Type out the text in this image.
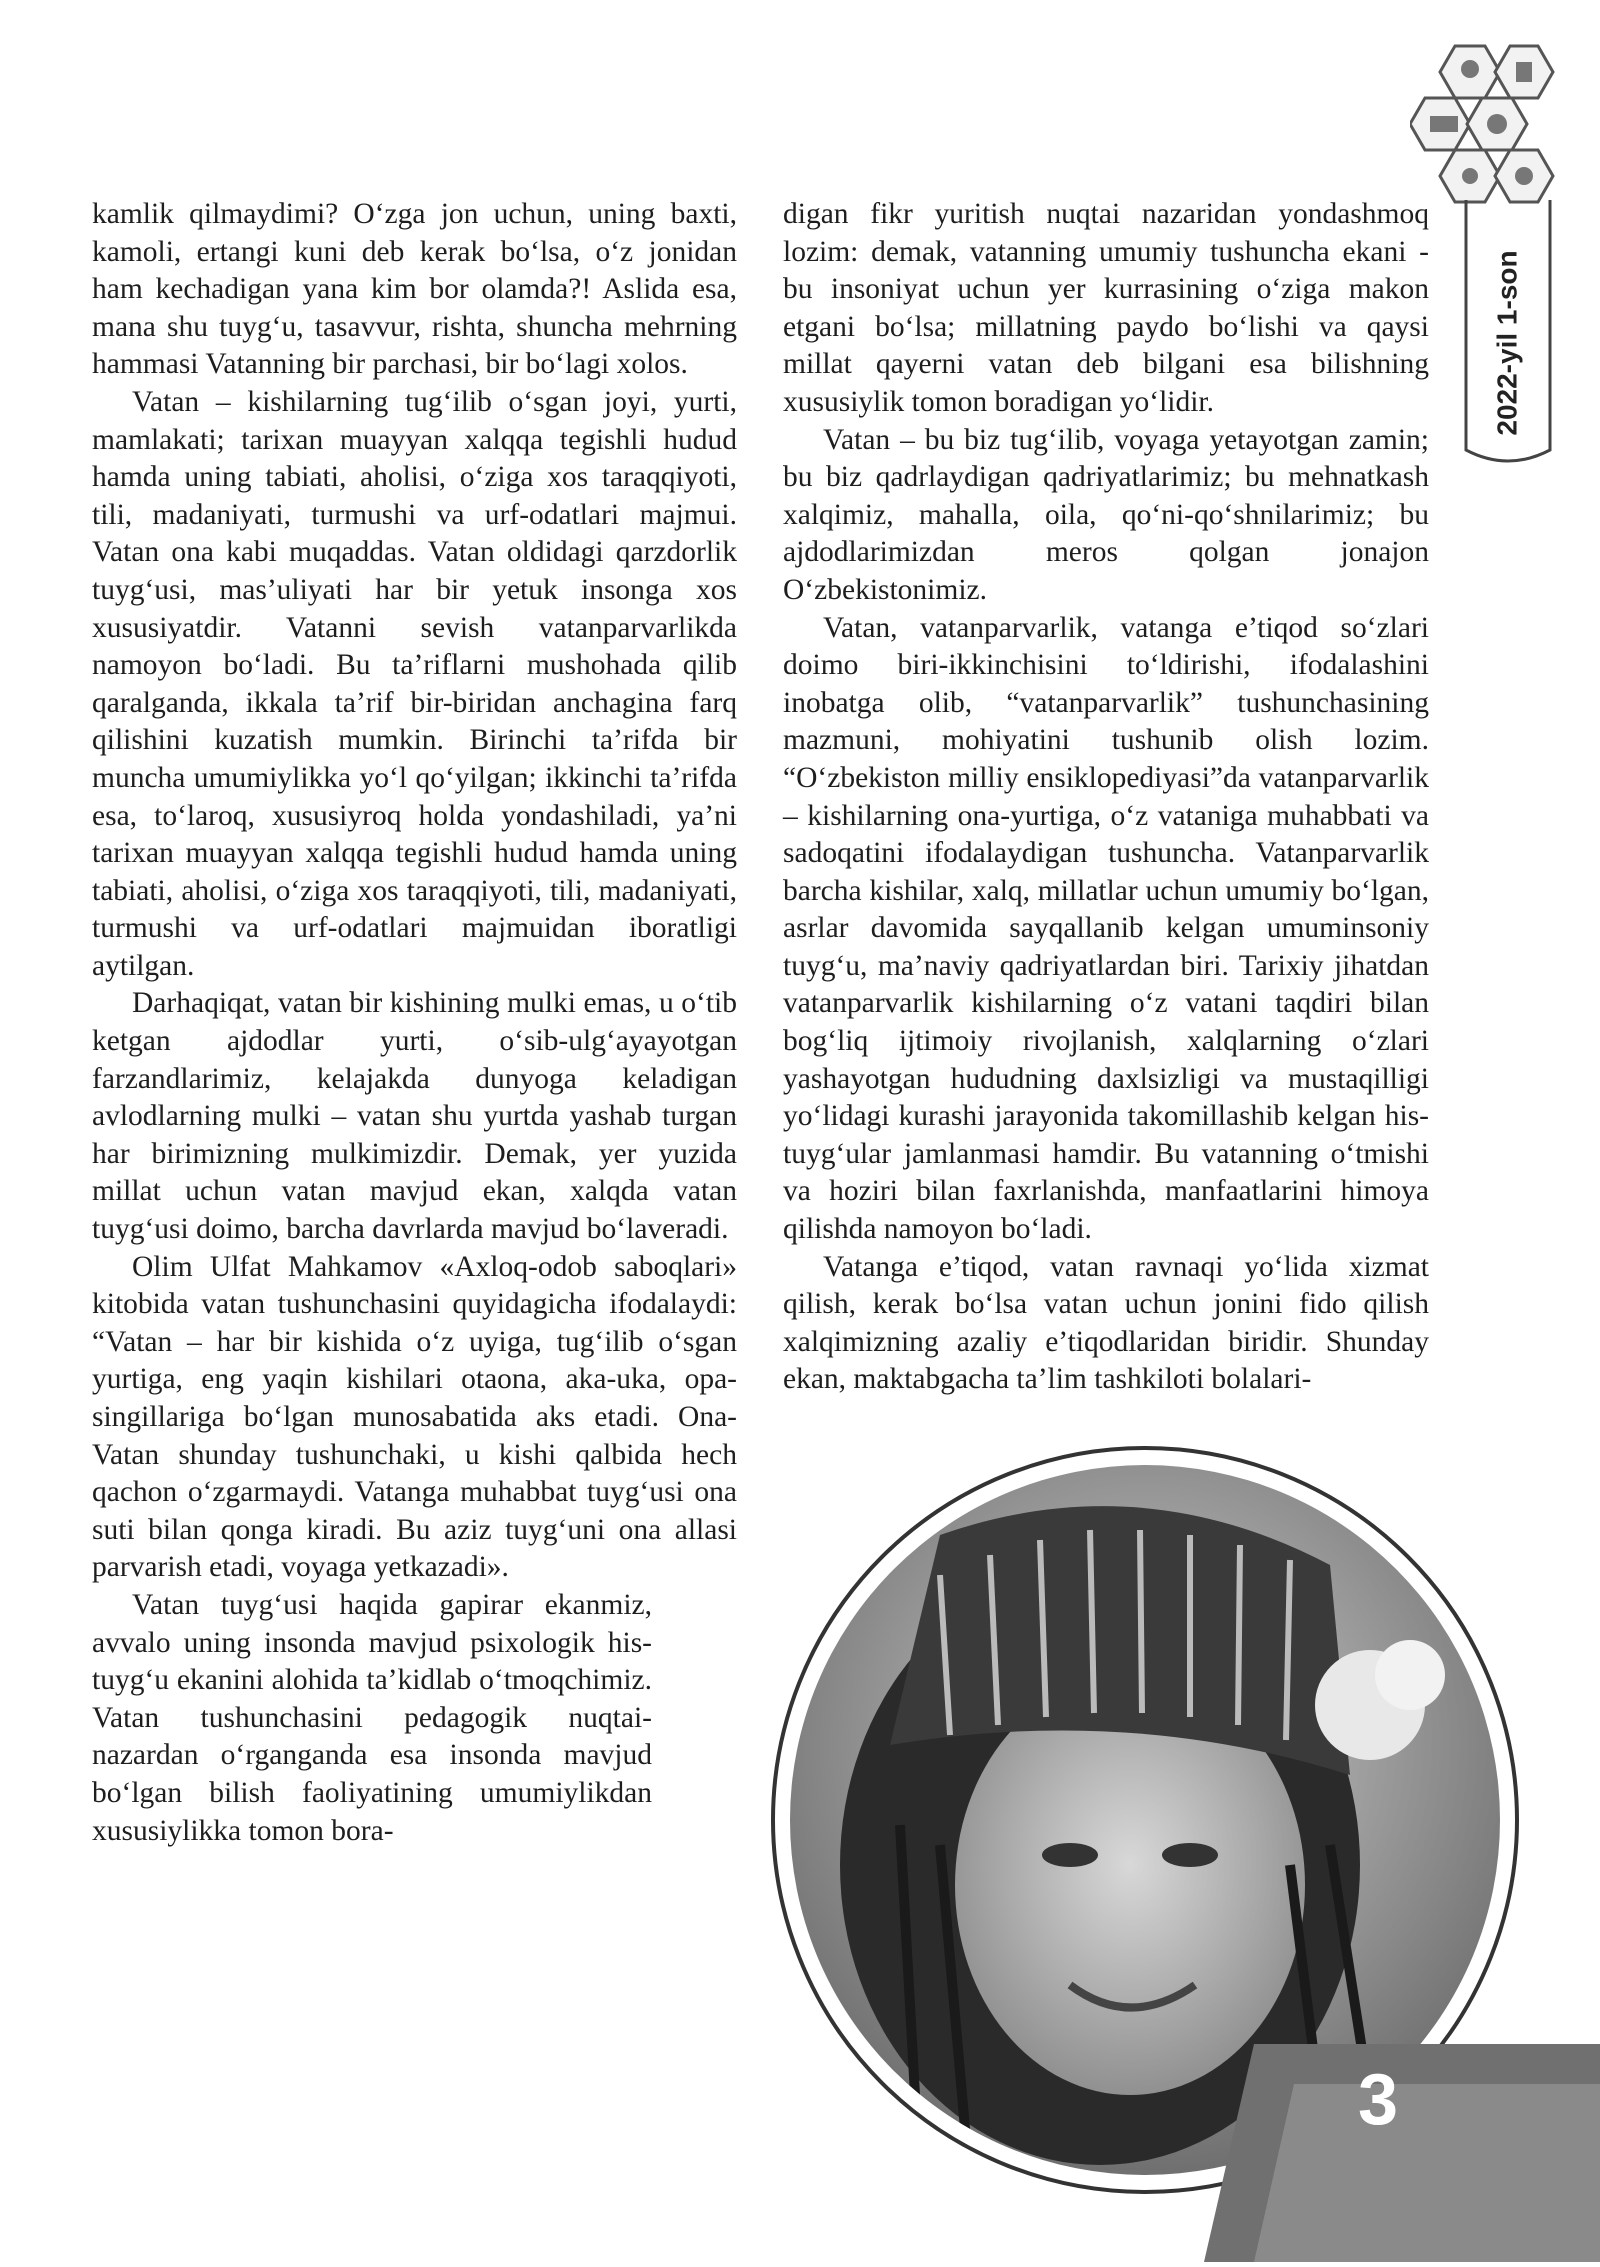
2022-yil 1-son

kamlik qilmaydimi? O‘zga jon uchun, uning baxti, kamoli, ertangi kuni deb kerak bo‘lsa, o‘z jonidan ham kechadigan yana kim bor olamda?! Aslida esa, mana shu tuyg‘u, tasavvur, rishta, shuncha mehrning hammasi Vatanning bir parchasi, bir bo‘lagi xolos.

Vatan – kishilarning tug‘ilib o‘sgan joyi, yurti, mamlakati; tarixan muayyan xalqqa tegishli hudud hamda uning tabiati, aholisi, o‘ziga xos taraqqiyoti, tili, madaniyati, turmushi va urf-odatlari majmui. Vatan ona kabi muqaddas. Vatan oldidagi qarzdorlik tuyg‘usi, mas’uliyati har bir yetuk insonga xos xususiyatdir. Vatanni sevish vatanparvarlikda namoyon bo‘ladi. Bu ta’riflarni mushohada qilib qaralganda, ikkala ta’rif bir-biridan anchagina farq qilishini kuzatish mumkin. Birinchi ta’rifda bir muncha umumiylikka yo‘l qo‘yilgan; ikkinchi ta’rifda esa, to‘laroq, xususiyroq holda yondashiladi, ya’ni tarixan muayyan xalqqa tegishli hudud hamda uning tabiati, aholisi, o‘ziga xos taraqqiyoti, tili, madaniyati, turmushi va urf-odatlari majmuidan iboratligi aytilgan.

Darhaqiqat, vatan bir kishining mulki emas, u o‘tib ketgan ajdodlar yurti, o‘sib-ulg‘ayayotgan farzandlarimiz, kelajakda dunyoga keladigan avlodlarning mulki – vatan shu yurtda yashab turgan har birimizning mulkimizdir. Demak, yer yuzida millat uchun vatan mavjud ekan, xalqda vatan tuyg‘usi doimo, barcha davrlarda mavjud bo‘laveradi.

Olim Ulfat Mahkamov «Axloq-odob saboqlari» kitobida vatan tushunchasini quyidagicha ifodalaydi: “Vatan – har bir kishida o‘z uyiga, tug‘ilib o‘sgan yurtiga, eng yaqin kishilari otaona, aka-uka, opa-singillariga bo‘lgan munosabatida aks etadi. Ona-Vatan shunday tushunchaki, u kishi qalbida hech qachon o‘zgarmaydi. Vatanga muhabbat tuyg‘usi ona suti bilan qonga kiradi. Bu aziz tuyg‘uni ona allasi parvarish etadi, voyaga yetkazadi».

Vatan tuyg‘usi haqida gapirar ekanmiz, avvalo uning insonda mavjud psixologik his-tuyg‘u ekanini alohida ta’kidlab o‘tmoqchimiz. Vatan tushunchasini pedagogik nuqtai-nazardan o‘rganganda esa insonda mavjud bo‘lgan bilish faoliyatining umumiylikdan xususiylikka tomon bora-

digan fikr yuritish nuqtai nazaridan yondashmoq lozim: demak, vatanning umumiy tushuncha ekani - bu insoniyat uchun yer kurrasining o‘ziga makon etgani bo‘lsa; millatning paydo bo‘lishi va qaysi millat qayerni vatan deb bilgani esa bilishning xususiylik tomon boradigan yo‘lidir.

Vatan – bu biz tug‘ilib, voyaga yetayotgan zamin; bu biz qadrlaydigan qadriyatlarimiz; bu mehnatkash xalqimiz, mahalla, oila, qo‘ni-qo‘shnilarimiz; bu ajdodlarimizdan meros qolgan jonajon O‘zbekistonimiz.

Vatan, vatanparvarlik, vatanga e’tiqod so‘zlari doimo biri-ikkinchisini to‘ldirishi, ifodalashini inobatga olib, “vatanparvarlik” tushunchasining mazmuni, mohiyatini tushunib olish lozim. “O‘zbekiston milliy ensiklopediyasi”da vatanparvarlik – kishilarning ona-yurtiga, o‘z vataniga muhabbati va sadoqatini ifodalaydigan tushuncha. Vatanparvarlik barcha kishilar, xalq, millatlar uchun umumiy bo‘lgan, asrlar davomida sayqallanib kelgan umuminsoniy tuyg‘u, ma’naviy qadriyatlardan biri. Tarixiy jihatdan vatanparvarlik kishilarning o‘z vatani taqdiri bilan bog‘liq ijtimoiy rivojlanish, xalqlarning o‘zlari yashayotgan hududning daxlsizligi va mustaqilligi yo‘lidagi kurashi jarayonida takomillashib kelgan his-tuyg‘ular jamlanmasi hamdir. Bu vatanning o‘tmishi va hoziri bilan faxrlanishda, manfaatlarini himoya qilishda namoyon bo‘ladi.

Vatanga e’tiqod, vatan ravnaqi yo‘lida xizmat qilish, kerak bo‘lsa vatan uchun jonini fido qilish xalqimizning azaliy e’tiqodlaridan biridir. Shunday ekan, maktabgacha ta’lim tashkiloti bolalari-

3
